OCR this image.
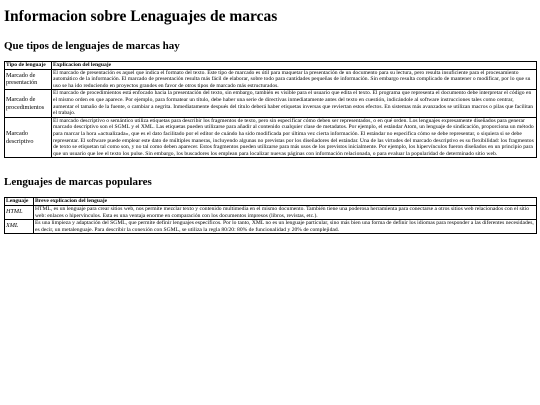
Informacion sobre Lenaguajes de marcas
Que tipos de lenguajes de marcas hay
Tipo de lenguaje	Explicacion del lenguaje
Marcado de presentación	El marcado de presentación es aquel que indica el formato del texto. Este tipo de marcado es útil para maquetar la presentación de un documento para su lectura, pero resulta insuficiente para el procesamiento automático de la información. El marcado de presentación resulta más fácil de elaborar, sobre todo para cantidades pequeñas de información. Sin embargo resulta complicado de mantener o modificar, por lo que su uso se ha ido reduciendo en proyectos grandes en favor de otros tipos de marcado más estructurados.
Marcado de procedimientos	El marcado de procedimientos está enfocado hacia la presentación del texto, sin embargo, también es visible para el usuario que edita el texto. El programa que representa el documento debe interpretar el código en el mismo orden en que aparece. Por ejemplo, para formatear un título, debe haber una serie de directivas inmediatamente antes del texto en cuestión, indicándole al software instrucciones tales como centrar, aumentar el tamaño de la fuente, o cambiar a negrita. Inmediatamente después del título deberá haber etiquetas inversas que reviertan estos efectos. En sistemas más avanzados se utilizan macros o pilas que facilitan el trabajo.
Marcado descriptivo	El marcado descriptivo o semántico utiliza etiquetas para describir los fragmentos de texto, pero sin especificar cómo deben ser representados, o en qué orden. Los lenguajes expresamente diseñados para generar marcado descriptivo son el SGML y el XML. Las etiquetas pueden utilizarse para añadir al contenido cualquier clase de metadatos. Por ejemplo, el estándar Atom, un lenguaje de sindicación, proporciona un método para marcar la hora «actualizada», que es el dato facilitado por el editor de cuándo ha sido modificada por última vez cierta información. El estándar no especifica cómo se debe representar, o siquiera si se debe representar. El software puede emplear este dato de múltiples maneras, incluyendo algunas no previstas por los diseñadores del estándar. Una de las virtudes del marcado descriptivo es su flexibilidad: los fragmentos de texto se etiquetan tal como son, y no tal como deben aparecer. Estos fragmentos pueden utilizarse para más usos de los previstos inicialmente. Por ejemplo, los hipervínculos fueron diseñados en un principio para que un usuario que lee el texto los pulse. Sin embargo, los buscadores los emplean para localizar nuevas páginas con información relacionada, o para evaluar la popularidad de determinado sitio web.
Lenguajes de marcas populares
Lenguaje	Breve explicacion del lenguaje
HTML	HTML, es un lenguaje para crear sitios web, nos permite mezclar texto y contenido multimedia en el mismo documento. También tiene una poderosa herramienta para conectarse a otros sitios web relacionados con el sitio web: enlaces o hipervínculos. Esta es una ventaja enorme en comparación con los documentos impresos (libros, revistas, etc.).
XML	Es una limpieza y adaptación del SGML, que permite definir lenguajes específicos. Por lo tanto, XML no es un lenguaje particular, sino más bien una forma de definir los idiomas para responder a las diferentes necesidades, es decir, un metalenguaje. Para describir la conexión con SGML, se utiliza la regla 80/20: 80% de funcionalidad y 20% de complejidad.
